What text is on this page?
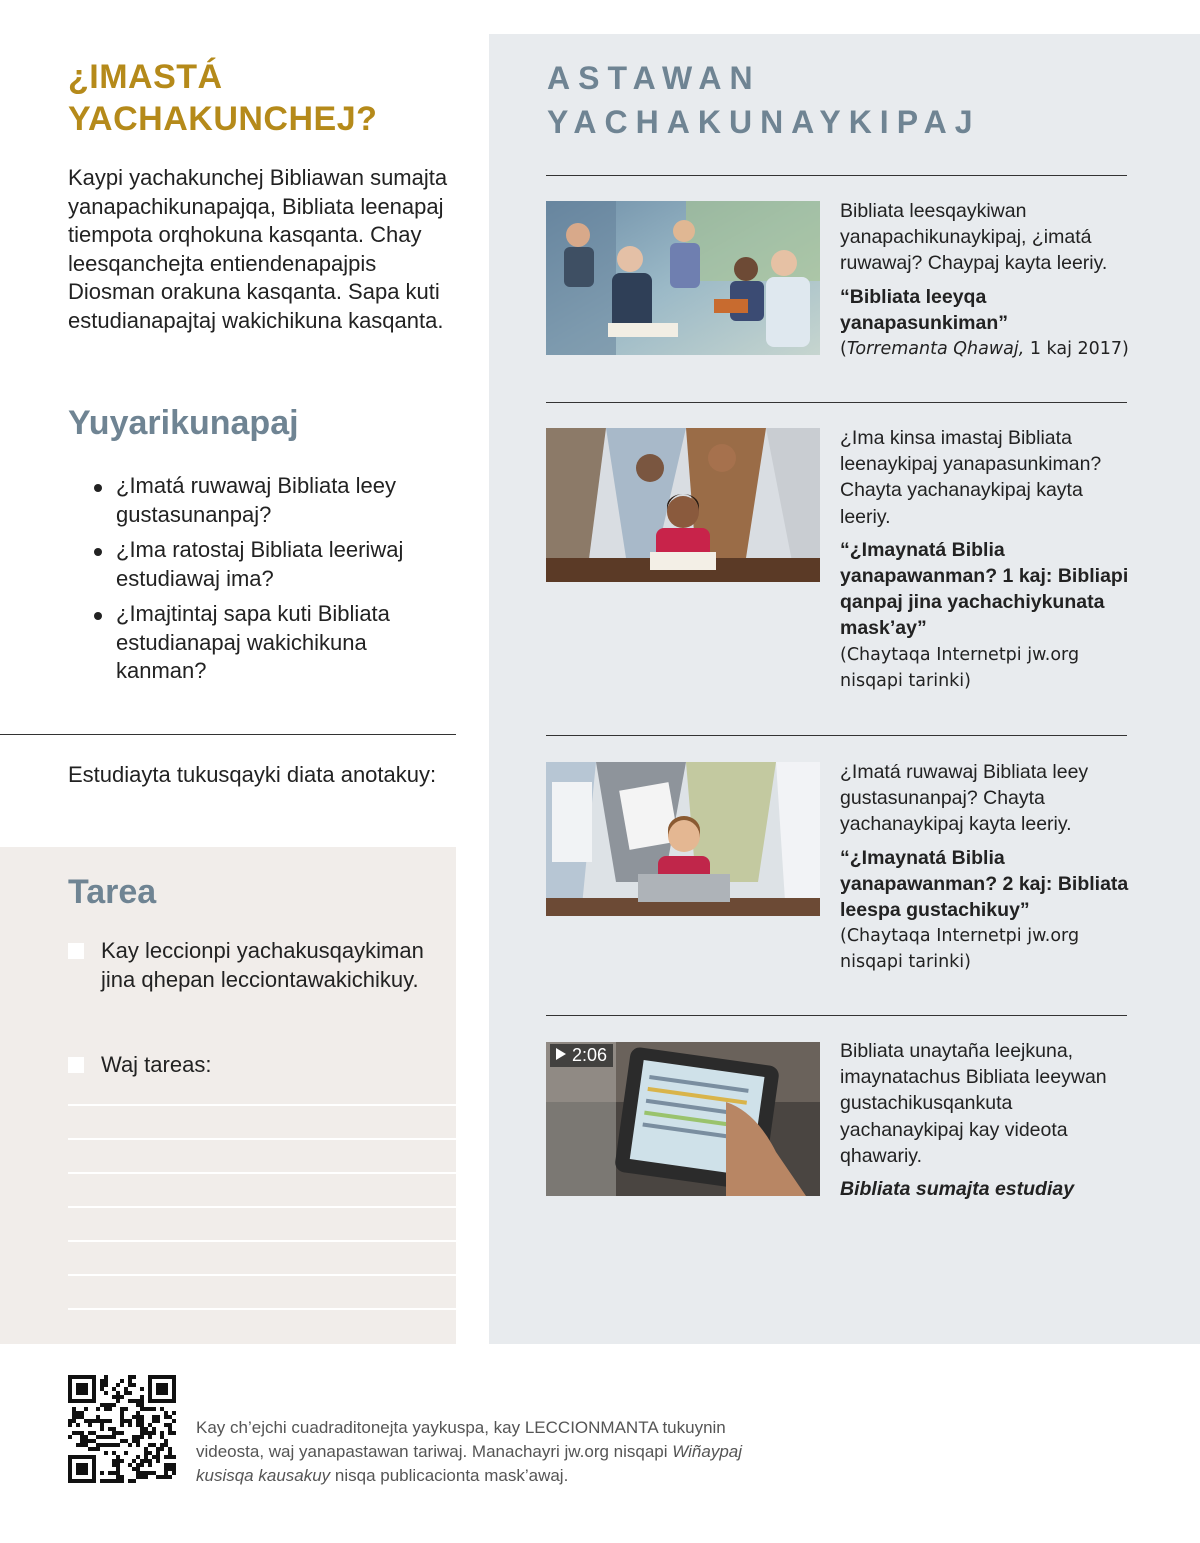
¿IMASTÁ
YACHAKUNCHEJ?

Kaypi yachakunchej Bibliawan sumajta yanapachikunapajqa, Bibliata leenapaj tiempota orqhokuna kasqanta. Chay leesqanchejta entiendenapajpis Diosman orakuna kasqanta. Sapa kuti estudianapajtaj wakichikuna kasqanta.

Yuyarikunapaj
¿Imatá ruwawaj Bibliata leey gustasunanpaj?
¿Ima ratostaj Bibliata leeriwaj estudiawaj ima?
¿Imajtintaj sapa kuti Bibliata estudianapaj wakichikuna kanman?

Estudiayta tukusqayki diata anotakuy:

Tarea
Kay leccionpi yachakusqaykiman jina qhepan lecciontawakichikuy.
Waj tareas:
ASTAWAN
YACHAKUNAYKIPAJ
Bibliata leesqaykiwan yanapachikunaykipaj, ¿imatá ruwawaj? Chaypaj kayta leeriy.
“Bibliata leeyqa yanapasunkiman”
(Torremanta Qhawaj, 1 kaj 2017)
¿Ima kinsa imastaj Bibliata leenaykipaj yanapasunkiman? Chayta yachanaykipaj kayta leeriy.
“¿Imaynatá Biblia yanapawanman? 1 kaj: Bibliapi qanpaj jina yachachiykunata mask’ay”
(Chaytaqa Internetpi jw.org nisqapi tarinki)
¿Imatá ruwawaj Bibliata leey gustasunanpaj? Chayta yachanaykipaj kayta leeriy.
“¿Imaynatá Biblia yanapawanman? 2 kaj: Bibliata leespa gustachikuy”
(Chaytaqa Internetpi jw.org nisqapi tarinki)
2:06	Bibliata unaytaña leejkuna, imaynatachus Bibliata leeywan gustachikusqankuta yachanaykipaj kay videota qhawariy.
Bibliata sumajta estudiay

Kay ch’ejchi cuadraditonejta yaykuspa, kay LECCIONMANTA tukuynin videosta, waj yanapastawan tariwaj. Manachayri jw.org nisqapi Wiñaypaj kusisqa kausakuy nisqa publicacionta mask’awaj.
